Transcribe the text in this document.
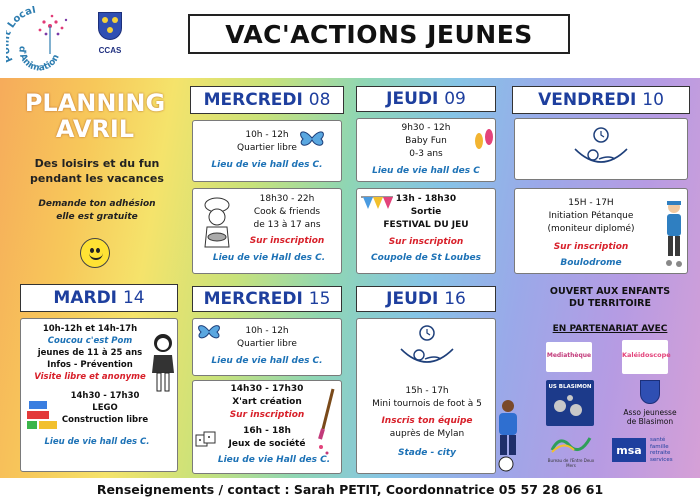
Local
d'Animation
CCAS
VAC'ACTIONS JEUNES
PLANNING
AVRIL
Des loisirs et du fun
pendant les vacances
Demande ton adhésion
elle est gratuite
MERCREDI 08	JEUDI 09	VENDREDI 10
10h - 12h
Quartier libre
Lieu de vie hall des C.
18h30 - 22h
Cook & friends
de 13 à 17 ans
Sur inscription
Lieu de vie Hall des C.
9h30 - 12h
Baby Fun
0-3 ans
Lieu de vie hall des C
13h - 18h30
Sortie
FESTIVAL DU JEU
Sur inscription
Coupole de St Loubes
15H - 17H
Initiation Pétanque
(moniteur diplomé)
Sur inscription
Boulodrome
MARDI 14	MERCREDI 15	JEUDI 16
10h-12h et 14h-17h
Coucou c'est Pom
jeunes de 11 à 25 ans
Infos - Prévention
Visite libre et anonyme
14h30 - 17h30
LEGO
Construction libre
Lieu de vie hall des C.
10h - 12h
Quartier libre
Lieu de vie hall des C.
14h30 - 17h30
X'art création
Sur inscription
16h - 18h
Jeux de société
Lieu de vie Hall des C.
15h - 17h
Mini tournois de foot à 5
Inscris ton équipe
auprès de Mylan
Stade - city
OUVERT AUX ENFANTS
DU TERRITOIRE
EN PARTENARIAT AVEC
Mediathèque	Kaléidoscope
US BLASIMON
Asso jeunesse
de Blasimon
Bureau de l'Entre Deux Mers
msa
santé
famille
retraite
services
Renseignements / contact : Sarah PETIT, Coordonnatrice 05 57 28 06 61
